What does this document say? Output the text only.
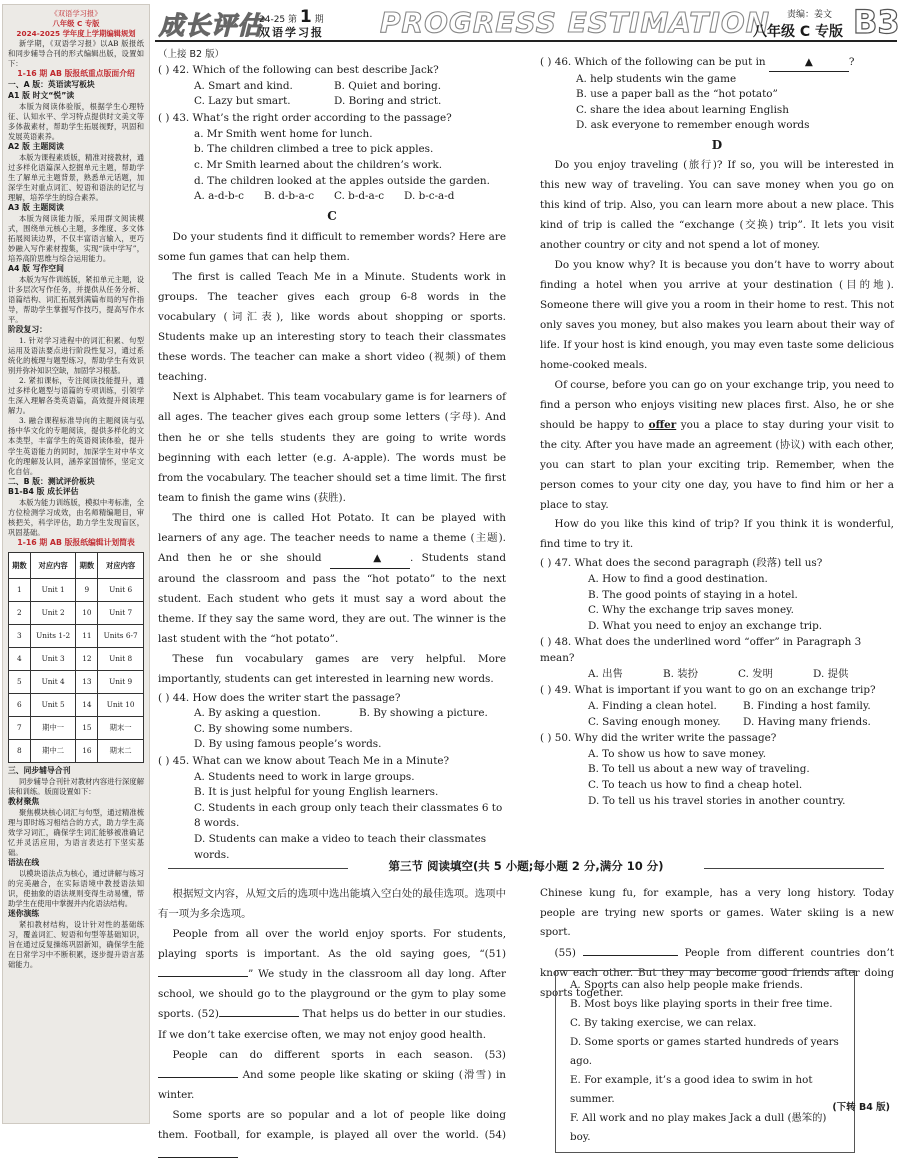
《双语学习报》
八年级 C 专版
2024-2025 学年度上学期编辑规划

新学期，《双语学习报》以AB 版报纸和同步辅导合刊的形式编辑出版，设置如下：

1-16 期 AB 版报纸重点版面介绍
一、A 版：英语读写板块
A1 版 时文“悦”读

本版为阅读体验版，根据学生心理特征、认知水平、学习特点提供时文美文等多体裁素材，帮助学生拓展视野，巩固和发展英语素养。

A2 版 主题阅读

本版为课程素质版，精准对接教材，通过多样化语篇深入挖掘单元主题，帮助学生了解单元主题背景，熟悉单元话题，加深学生对重点词汇、短语和语法的记忆与理解，培养学生的综合素养。

A3 版 主题阅读

本版为阅读能力版，采用群文阅读模式，围绕单元核心主题，多维度、多文体拓展阅读边界，不仅丰富语言输入，更巧妙融入写作素材搜集，实现“读中学写”，培养高阶思维与综合运用能力。

A4 版 写作空间

本版为写作训练版，紧扣单元主题，设计多层次写作任务，并提供从任务分析、语篇结构、词汇拓展到满篇布局的写作指导，帮助学生掌握写作技巧，提高写作水平。

阶段复习：

1. 针对学习进程中的词汇积累、句型运用及语法要点进行阶段性复习，通过系统化的梳理与题型练习，帮助学生有效识别并弥补知识空缺，加固学习根基。

2. 紧扣课标，专注阅读技能提升，通过多样化题型与语篇的专项训练，引领学生深入理解各类英语篇，高效提升阅读理解力。

3. 融合课程标准导向的主题阅读与弘扬中华文化的专题阅读，提供多样化的文本类型，丰富学生的英语阅读体验，提升学生英语能力的同时，加深学生对中华文化的理解及认同，涵养家国情怀，坚定文化自信。

二、B 版：测试评价板块
B1-B4 版 成长评估

本版为能力训练版，模拟中考标准，全方位检测学习成效，由名师精编题目，审核把关，科学评估，助力学生发现盲区，巩固基础。

1-16 期 AB 版报纸编辑计划简表
期数	对应内容	期数	对应内容
1	Unit 1	9	Unit 6
2	Unit 2	10	Unit 7
3	Units 1-2	11	Units 6-7
4	Unit 3	12	Unit 8
5	Unit 4	13	Unit 9
6	Unit 5	14	Unit 10
7	期中一	15	期末一
8	期中二	16	期末二
三、同步辅导合刊

同步辅导合刊针对教材内容进行深度解读和训练。版面设置如下：

教材聚焦

聚焦模块核心词汇与句型，通过精准梳理与即时练习相结合的方式，助力学生高效学习词汇，确保学生词汇能够被准确记忆并灵活应用，为语言表达打下坚实基础。

语法在线

以模块语法点为核心，通过讲解与练习的完美融合，在实际语境中教授语法知识，使抽象的语法规则变得生动易懂，帮助学生在使用中掌握并内化语法结构。

迷你演练

紧扣教材结构，设计针对性的基础练习，覆盖词汇、短语和句型等基础知识，旨在通过反复操练巩固新知，确保学生能在日常学习中不断积累，逐步提升语言基础能力。

成长评估
24-25 第 1 期
双语学习报 PROGRESS ESTIMATION 责编：姜文
八年级 C 专版 B3
（上接 B2 版）
( ) 42. Which of the following can best describe Jack?
A. Smart and kind.	B. Quiet and boring.
C. Lazy but smart.	D. Boring and strict.
( ) 43. What’s the right order according to the passage?
a. Mr Smith went home for lunch.
b. The children climbed a tree to pick apples.
c. Mr Smith learned about the children’s work.
d. The children looked at the apples outside the garden.
A. a-d-b-c	B. d-b-a-c	C. b-d-a-c	D. b-c-a-d
C

Do your students find it difficult to remember words? Here are some fun games that can help them.

The first is called Teach Me in a Minute. Students work in groups. The teacher gives each group 6-8 words in the vocabulary (词汇表), like words about shopping or sports. Students make up an interesting story to teach their classmates these words. The teacher can make a short video (视频) of them teaching.

Next is Alphabet. This team vocabulary game is for learners of all ages. The teacher gives each group some letters (字母). And then he or she tells students they are going to write words beginning with each letter (e.g. A-apple). The words must be from the vocabulary. The teacher should set a time limit. The first team to finish the game wins (获胜).

The third one is called Hot Potato. It can be played with learners of any age. The teacher needs to name a theme (主题). And then he or she should	▲	. Students stand around the classroom and pass the “hot potato” to the next student. Each student who gets it must say a word about the theme. If they say the same word, they are out. The winner is the last student with the “hot potato”.

These fun vocabulary games are very helpful. More importantly, students can get interested in learning new words.

( ) 44. How does the writer start the passage?
A. By asking a question.	B. By showing a picture.
C. By showing some numbers.
D. By using famous people’s words.
( ) 45. What can we know about Teach Me in a Minute?
A. Students need to work in large groups.
B. It is just helpful for young English learners.
C. Students in each group only teach their classmates 6 to 8 words.
D. Students can make a video to teach their classmates words.
( ) 46. Which of the following can be put in	▲	?
A. help students win the game
B. use a paper ball as the “hot potato”
C. share the idea about learning English
D. ask everyone to remember enough words
D

Do you enjoy traveling (旅行)? If so, you will be interested in this new way of traveling. You can save money when you go on this kind of trip. Also, you can learn more about a new place. This kind of trip is called the “exchange (交换) trip”. It lets you visit another country or city and not spend a lot of money.

Do you know why? It is because you don’t have to worry about finding a hotel when you arrive at your destination (目的地). Someone there will give you a room in their home to rest. This not only saves you money, but also makes you learn about their way of life. If your host is kind enough, you may even taste some delicious home-cooked meals.

Of course, before you can go on your exchange trip, you need to find a person who enjoys visiting new places first. Also, he or she should be happy to offer you a place to stay during your visit to the city. After you have made an agreement (协议) with each other, you can start to plan your exciting trip. Remember, when the person comes to your city one day, you have to find him or her a place to stay.

How do you like this kind of trip? If you think it is wonderful, find time to try it.

( ) 47. What does the second paragraph (段落) tell us?
A. How to find a good destination.
B. The good points of staying in a hotel.
C. Why the exchange trip saves money.
D. What you need to enjoy an exchange trip.
( ) 48. What does the underlined word “offer” in Paragraph 3 mean?
A. 出售	B. 装扮	C. 发明	D. 提供
( ) 49. What is important if you want to go on an exchange trip?
A. Finding a clean hotel.	B. Finding a host family.
C. Saving enough money.	D. Having many friends.
( ) 50. Why did the writer write the passage?
A. To show us how to save money.
B. To tell us about a new way of traveling.
C. To teach us how to find a cheap hotel.
D. To tell us his travel stories in another country.
第三节 阅读填空(共 5 小题;每小题 2 分,满分 10 分)

根据短文内容，从短文后的选项中选出能填入空白处的最佳选项。选项中有一项为多余选项。

People from all over the world enjoy sports. For students, playing sports is important. As the old saying goes, “(51)” We study in the classroom all day long. After school, we should go to the playground or the gym to play some sports. (52)	That helps us do better in our studies. If we don’t take exercise often, we may not enjoy good health.

People can do different sports in each season. (53) And some people like skating or skiing (滑雪) in winter.

Some sports are so popular and a lot of people like doing them. Football, for example, is played all over the world. (54)

Chinese kung fu, for example, has a very long history. Today people are trying new sports or games. Water skiing is a new sport.

(55)	People from different countries don’t know each other. But they may become good friends after doing sports together.

A. Sports can also help people make friends.
B. Most boys like playing sports in their free time.
C. By taking exercise, we can relax.
D. Some sports or games started hundreds of years ago.
E. For example, it’s a good idea to swim in hot summer.
F. All work and no play makes Jack a dull (愚笨的) boy.
(下转 B4 版)
